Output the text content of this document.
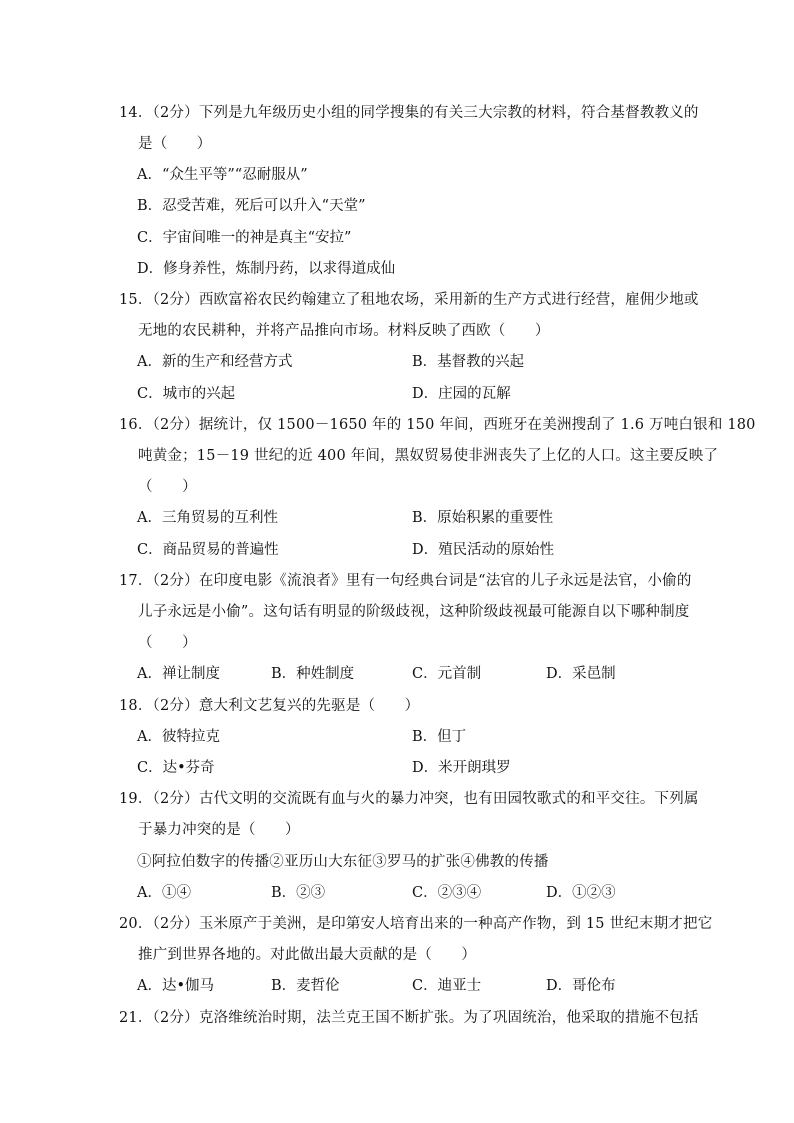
14．（2分）下列是九年级历史小组的同学搜集的有关三大宗教的材料，符合基督教教义的
是（　　）
A．“众生平等”“忍耐服从”
B．忍受苦难，死后可以升入“天堂”
C．宇宙间唯一的神是真主“安拉”
D．修身养性，炼制丹药，以求得道成仙
15．（2分）西欧富裕农民约翰建立了租地农场，采用新的生产方式进行经营，雇佣少地或
无地的农民耕种，并将产品推向市场。材料反映了西欧（　　）
A．新的生产和经营方式	B．基督教的兴起
C．城市的兴起	D．庄园的瓦解
16．（2分）据统计，仅 1500－1650 年的 150 年间，西班牙在美洲搜刮了 1.6 万吨白银和 180
吨黄金；15－19 世纪的近 400 年间，黑奴贸易使非洲丧失了上亿的人口。这主要反映了
（　　）
A．三角贸易的互利性	B．原始积累的重要性
C．商品贸易的普遍性	D．殖民活动的原始性
17．（2分）在印度电影《流浪者》里有一句经典台词是“法官的儿子永远是法官，小偷的
儿子永远是小偷”。这句话有明显的阶级歧视，这种阶级歧视最可能源自以下哪种制度
（　　）
A．禅让制度	B．种姓制度	C．元首制	D．采邑制
18．（2分）意大利文艺复兴的先驱是（　　）
A．彼特拉克	B．但丁
C．达•芬奇	D．米开朗琪罗
19．（2分）古代文明的交流既有血与火的暴力冲突，也有田园牧歌式的和平交往。下列属
于暴力冲突的是（　　）
①阿拉伯数字的传播②亚历山大东征③罗马的扩张④佛教的传播
A．①④	B．②③	C．②③④	D．①②③
20．（2分）玉米原产于美洲，是印第安人培育出来的一种高产作物，到 15 世纪末期才把它
推广到世界各地的。对此做出最大贡献的是（　　）
A．达•伽马	B．麦哲伦	C．迪亚士	D．哥伦布
21．（2分）克洛维统治时期，法兰克王国不断扩张。为了巩固统治，他采取的措施不包括
